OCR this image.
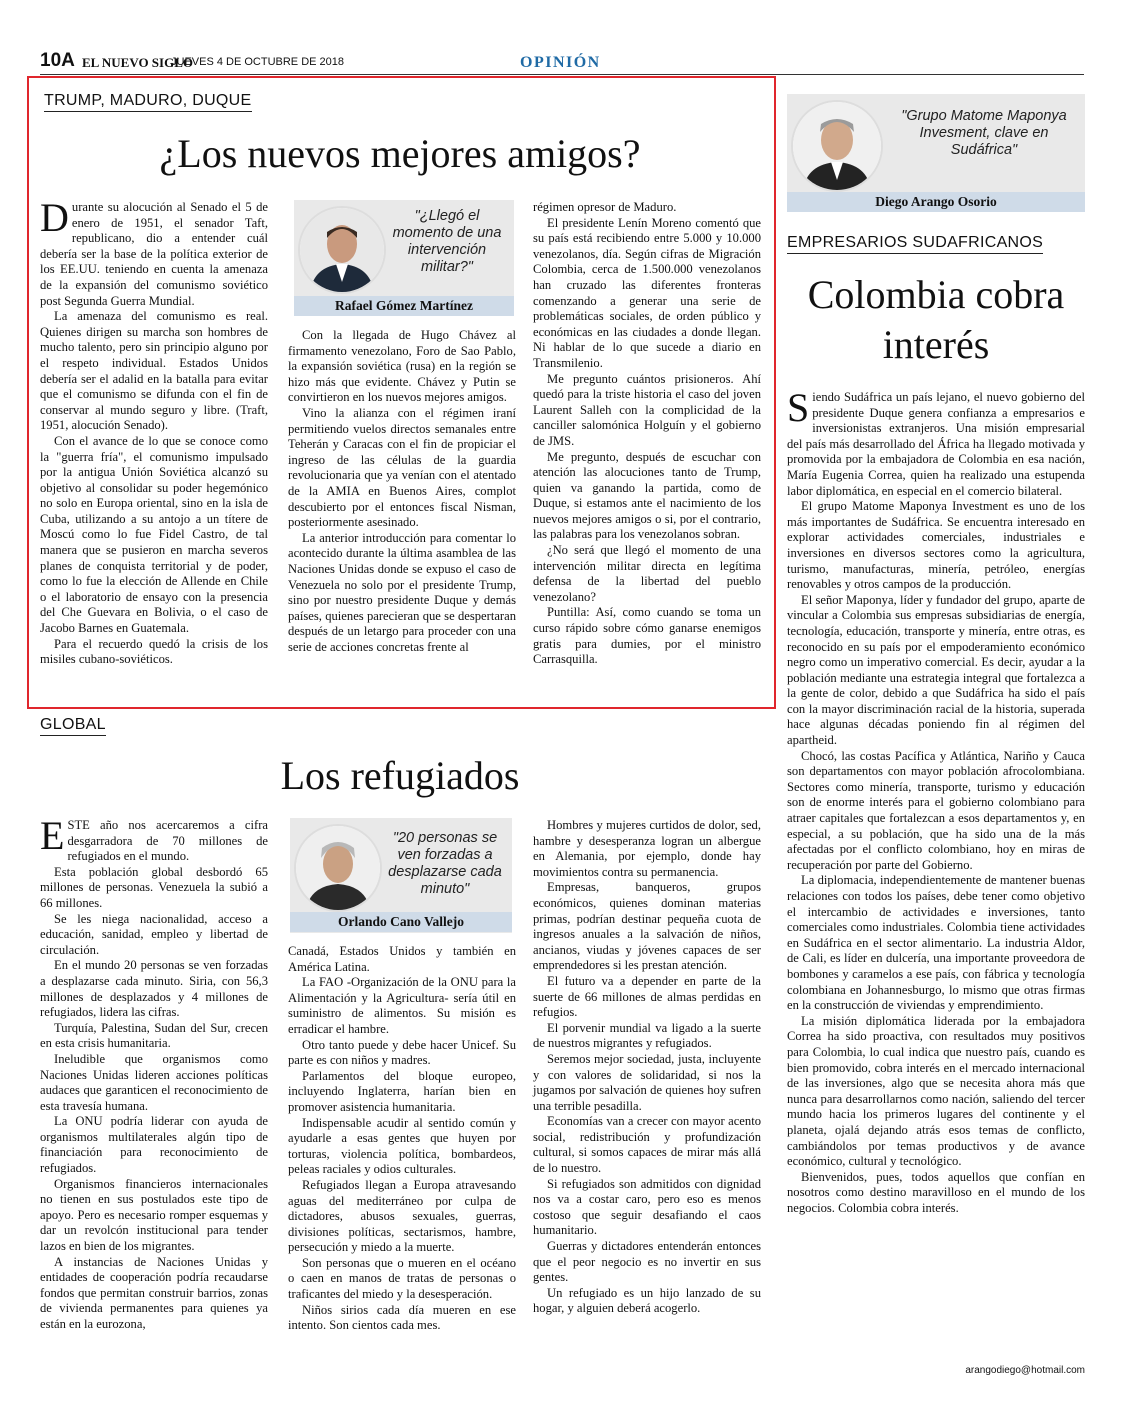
10A EL NUEVO SIGLO
JUEVES 4 DE OCTUBRE DE 2018	OPINIÓN
TRUMP, MADURO, DUQUE
¿Los nuevos mejores amigos?

Durante su alocución al Senado el 5 de enero de 1951, el senador Taft, republicano, dio a entender cuál debería ser la base de la política exterior de los EE.UU. teniendo en cuenta la amenaza de la expansión del comunismo soviético post Segunda Guerra Mundial.

La amenaza del comunismo es real. Quienes dirigen su marcha son hombres de mucho talento, pero sin principio alguno por el respeto individual. Estados Unidos debería ser el adalid en la batalla para evitar que el comunismo se difunda con el fin de conservar al mundo seguro y libre. (Traft, 1951, alocución Senado).

Con el avance de lo que se conoce como la "guerra fría", el comunismo impulsado por la antigua Unión Soviética alcanzó su objetivo al consolidar su poder hegemónico no solo en Europa oriental, sino en la isla de Cuba, utilizando a su antojo a un títere de Moscú como lo fue Fidel Castro, de tal manera que se pusieron en marcha severos planes de conquista territorial y de poder, como lo fue la elección de Allende en Chile o el laboratorio de ensayo con la presencia del Che Guevara en Bolivia, o el caso de Jacobo Barnes en Guatemala.

Para el recuerdo quedó la crisis de los misiles cubano-soviéticos.

"¿Llegó el momento de una intervención militar?"
Rafael Gómez Martínez

Con la llegada de Hugo Chávez al firmamento venezolano, Foro de Sao Pablo, la expansión soviética (rusa) en la región se hizo más que evidente. Chávez y Putin se convirtieron en los nuevos mejores amigos.

Vino la alianza con el régimen iraní permitiendo vuelos directos semanales entre Teherán y Caracas con el fin de propiciar el ingreso de las células de la guardia revolucionaria que ya venían con el atentado de la AMIA en Buenos Aires, complot descubierto por el entonces fiscal Nisman, posteriormente asesinado.

La anterior introducción para comentar lo acontecido durante la última asamblea de las Naciones Unidas donde se expuso el caso de Venezuela no solo por el presidente Trump, sino por nuestro presidente Duque y demás países, quienes parecieran que se despertaran después de un letargo para proceder con una serie de acciones concretas frente al

régimen opresor de Maduro.

El presidente Lenín Moreno comentó que su país está recibiendo entre 5.000 y 10.000 venezolanos, día. Según cifras de Migración Colombia, cerca de 1.500.000 venezolanos han cruzado las diferentes fronteras comenzando a generar una serie de problemáticas sociales, de orden público y económicas en las ciudades a donde llegan. Ni hablar de lo que sucede a diario en Transmilenio.

Me pregunto cuántos prisioneros. Ahí quedó para la triste historia el caso del joven Laurent Salleh con la complicidad de la canciller salomónica Holguín y el gobierno de JMS.

Me pregunto, después de escuchar con atención las alocuciones tanto de Trump, quien va ganando la partida, como de Duque, si estamos ante el nacimiento de los nuevos mejores amigos o si, por el contrario, las palabras para los venezolanos sobran.

¿No será que llegó el momento de una intervención militar directa en legítima defensa de la libertad del pueblo venezolano?

Puntilla: Así, como cuando se toma un curso rápido sobre cómo ganarse enemigos gratis para dumies, por el ministro Carrasquilla.

GLOBAL
Los refugiados

ESTE año nos acercaremos a cifra desgarradora de 70 millones de refugiados en el mundo.

Esta población global desbordó 65 millones de personas. Venezuela la subió a 66 millones.

Se les niega nacionalidad, acceso a educación, sanidad, empleo y libertad de circulación.

En el mundo 20 personas se ven forzadas a desplazarse cada minuto. Siria, con 56,3 millones de desplazados y 4 millones de refugiados, lidera las cifras.

Turquía, Palestina, Sudan del Sur, crecen en esta crisis humanitaria.

Ineludible que organismos como Naciones Unidas lideren acciones políticas audaces que garanticen el reconocimiento de esta travesía humana.

La ONU podría liderar con ayuda de organismos multilaterales algún tipo de financiación para reconocimiento de refugiados.

Organismos financieros internacionales no tienen en sus postulados este tipo de apoyo. Pero es necesario romper esquemas y dar un revolcón institucional para tender lazos en bien de los migrantes.

A instancias de Naciones Unidas y entidades de cooperación podría recaudarse fondos que permitan construir barrios, zonas de vivienda permanentes para quienes ya están en la eurozona,

"20 personas se ven forzadas a desplazarse cada minuto"
Orlando Cano Vallejo

Canadá, Estados Unidos y también en América Latina.

La FAO -Organización de la ONU para la Alimentación y la Agricultura- sería útil en suministro de alimentos. Su misión es erradicar el hambre.

Otro tanto puede y debe hacer Unicef. Su parte es con niños y madres.

Parlamentos del bloque europeo, incluyendo Inglaterra, harían bien en promover asistencia humanitaria.

Indispensable acudir al sentido común y ayudarle a esas gentes que huyen por torturas, violencia política, bombardeos, peleas raciales y odios culturales.

Refugiados llegan a Europa atravesando aguas del mediterráneo por culpa de dictadores, abusos sexuales, guerras, divisiones políticas, sectarismos, hambre, persecución y miedo a la muerte.

Son personas que o mueren en el océano o caen en manos de tratas de personas o traficantes del miedo y la desesperación.

Niños sirios cada día mueren en ese intento. Son cientos cada mes.

Hombres y mujeres curtidos de dolor, sed, hambre y desesperanza logran un albergue en Alemania, por ejemplo, donde hay movimientos contra su permanencia.

Empresas, banqueros, grupos económicos, quienes dominan materias primas, podrían destinar pequeña cuota de ingresos anuales a la salvación de niños, ancianos, viudas y jóvenes capaces de ser emprendedores si les prestan atención.

El futuro va a depender en parte de la suerte de 66 millones de almas perdidas en refugios.

El porvenir mundial va ligado a la suerte de nuestros migrantes y refugiados.

Seremos mejor sociedad, justa, incluyente y con valores de solidaridad, si nos la jugamos por salvación de quienes hoy sufren una terrible pesadilla.

Economías van a crecer con mayor acento social, redistribución y profundización cultural, si somos capaces de mirar más allá de lo nuestro.

Si refugiados son admitidos con dignidad nos va a costar caro, pero eso es menos costoso que seguir desafiando el caos humanitario.

Guerras y dictadores entenderán entonces que el peor negocio es no invertir en sus gentes.

Un refugiado es un hijo lanzado de su hogar, y alguien deberá acogerlo.

"Grupo Matome Maponya Invesment, clave en Sudáfrica"
Diego Arango Osorio
EMPRESARIOS SUDAFRICANOS
Colombia cobra
interés

Siendo Sudáfrica un país lejano, el nuevo gobierno del presidente Duque genera confianza a empresarios e inversionistas extranjeros. Una misión empresarial del país más desarrollado del África ha llegado motivada y promovida por la embajadora de Colombia en esa nación, María Eugenia Correa, quien ha realizado una estupenda labor diplomática, en especial en el comercio bilateral.

El grupo Matome Maponya Investment es uno de los más importantes de Sudáfrica. Se encuentra interesado en explorar actividades comerciales, industriales e inversiones en diversos sectores como la agricultura, turismo, manufacturas, minería, petróleo, energías renovables y otros campos de la producción.

El señor Maponya, líder y fundador del grupo, aparte de vincular a Colombia sus empresas subsidiarias de energía, tecnología, educación, transporte y minería, entre otras, es reconocido en su país por el empoderamiento económico negro como un imperativo comercial. Es decir, ayudar a la población mediante una estrategia integral que fortalezca a la gente de color, debido a que Sudáfrica ha sido el país con la mayor discriminación racial de la historia, superada hace algunas décadas poniendo fin al régimen del apartheid.

Chocó, las costas Pacífica y Atlántica, Nariño y Cauca son departamentos con mayor población afrocolombiana. Sectores como minería, transporte, turismo y educación son de enorme interés para el gobierno colombiano para atraer capitales que fortalezcan a esos departamentos y, en especial, a su población, que ha sido una de la más afectadas por el conflicto colombiano, hoy en miras de recuperación por parte del Gobierno.

La diplomacia, independientemente de mantener buenas relaciones con todos los países, debe tener como objetivo el intercambio de actividades e inversiones, tanto comerciales como industriales. Colombia tiene actividades en Sudáfrica en el sector alimentario. La industria Aldor, de Cali, es líder en dulcería, una importante proveedora de bombones y caramelos a ese país, con fábrica y tecnología colombiana en Johannesburgo, lo mismo que otras firmas en la construcción de viviendas y emprendimiento.

La misión diplomática liderada por la embajadora Correa ha sido proactiva, con resultados muy positivos para Colombia, lo cual indica que nuestro país, cuando es bien promovido, cobra interés en el mercado internacional de las inversiones, algo que se necesita ahora más que nunca para desarrollarnos como nación, saliendo del tercer mundo hacia los primeros lugares del continente y el planeta, ojalá dejando atrás esos temas de conflicto, cambiándolos por temas productivos y de avance económico, cultural y tecnológico.

Bienvenidos, pues, todos aquellos que confían en nosotros como destino maravilloso en el mundo de los negocios. Colombia cobra interés.

arangodiego@hotmail.com
